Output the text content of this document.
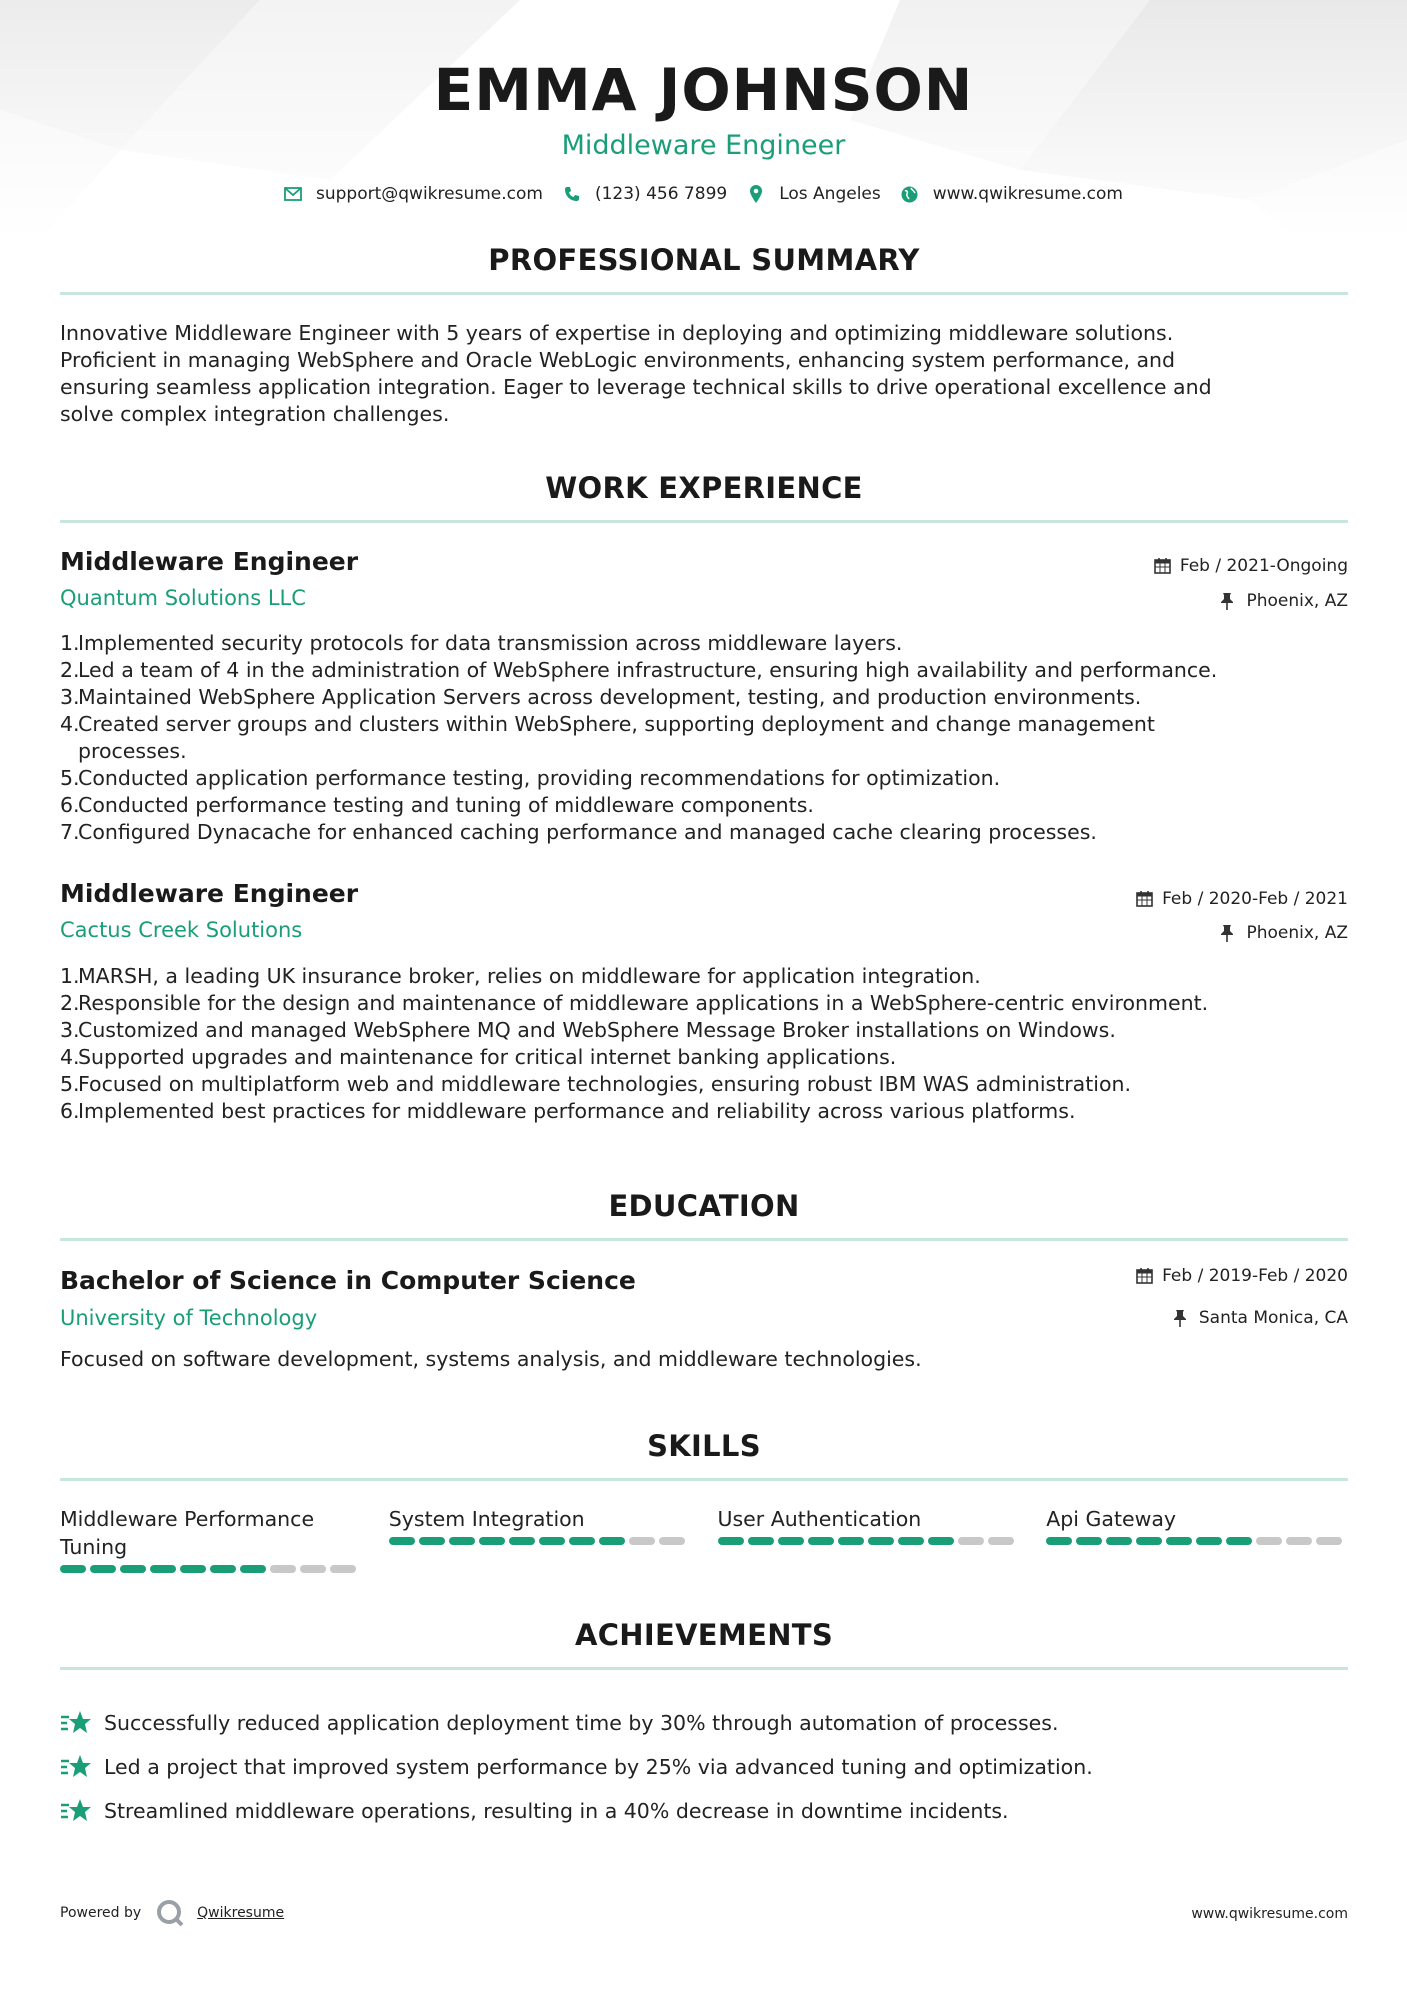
EMMA JOHNSON
Middleware Engineer
support@qwikresume.com	(123) 456 7899	Los Angeles	www.qwikresume.com
PROFESSIONAL SUMMARY
Innovative Middleware Engineer with 5 years of expertise in deploying and optimizing middleware solutions.
Proficient in managing WebSphere and Oracle WebLogic environments, enhancing system performance, and
ensuring seamless application integration. Eager to leverage technical skills to drive operational excellence and
solve complex integration challenges.
WORK EXPERIENCE
Middleware Engineer
Quantum Solutions LLC
Feb / 2021-Ongoing
Phoenix, AZ
1.
Implemented security protocols for data transmission across middleware layers.
2.
Led a team of 4 in the administration of WebSphere infrastructure, ensuring high availability and performance.
3.
Maintained WebSphere Application Servers across development, testing, and production environments.
4.
Created server groups and clusters within WebSphere, supporting deployment and change management
processes.
5.
Conducted application performance testing, providing recommendations for optimization.
6.
Conducted performance testing and tuning of middleware components.
7.
Configured Dynacache for enhanced caching performance and managed cache clearing processes.
Middleware Engineer
Cactus Creek Solutions
Feb / 2020-Feb / 2021
Phoenix, AZ
1.
MARSH, a leading UK insurance broker, relies on middleware for application integration.
2.
Responsible for the design and maintenance of middleware applications in a WebSphere-centric environment.
3.
Customized and managed WebSphere MQ and WebSphere Message Broker installations on Windows.
4.
Supported upgrades and maintenance for critical internet banking applications.
5.
Focused on multiplatform web and middleware technologies, ensuring robust IBM WAS administration.
6.
Implemented best practices for middleware performance and reliability across various platforms.
EDUCATION
Bachelor of Science in Computer Science
University of Technology
Feb / 2019-Feb / 2020
Santa Monica, CA
Focused on software development, systems analysis, and middleware technologies.
SKILLS
Middleware Performance
Tuning
System Integration	User Authentication	Api Gateway
ACHIEVEMENTS
Successfully reduced application deployment time by 30% through automation of processes.
Led a project that improved system performance by 25% via advanced tuning and optimization.
Streamlined middleware operations, resulting in a 40% decrease in downtime incidents.
Powered by	Qwikresume	www.qwikresume.com
